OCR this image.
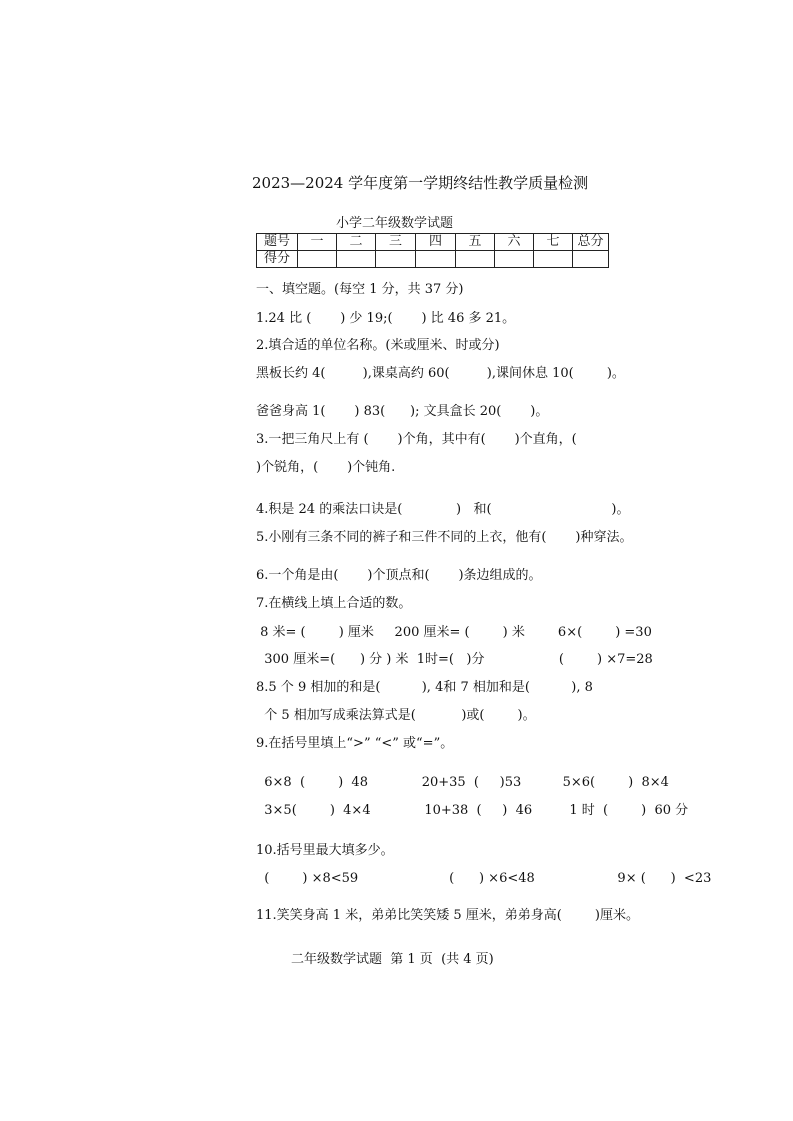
2023—2024 学年度第一学期终结性教学质量检测
小学二年级数学试题
题号	一	二	三	四	五	六	七	总分
得分								
一、填空题。(每空 1 分，共 37 分)
1.24 比 (       ) 少 19;(       ) 比 46 多 21。
2.填合适的单位名称。(米或厘米、时或分)
黑板长约 4(         ),课桌高约 60(         ),课间休息 10(        )。
爸爸身高 1(       ) 83(      ); 文具盒长 20(       )。
3.一把三角尺上有 (       )个角，其中有(       )个直角，(
)个锐角，(       )个钝角.
4.积是 24 的乘法口诀是(             )   和(                             )。
5.小刚有三条不同的裤子和三件不同的上衣，他有(       )种穿法。
6.一个角是由(       )个顶点和(       )条边组成的。
7.在横线上填上合适的数。
8 米= (        ) 厘米     200 厘米= (        ) 米        6×(        ) =30
300 厘米=(      ) 分 ) 米  1时=(   )分                  (        ) ×7=28
8.5 个 9 相加的和是(          ), 4和 7 相加和是(          ), 8
个 5 相加写成乘法算式是(           )或(        )。
9.在括号里填上“>” “<” 或“=”。
6×8  (        )  48             20+35  (     )53          5×6(        )  8×4
3×5(        )  4×4             10+38  (     )  46         1 时  (        )  60 分
10.括号里最大填多少。
(        ) ×8<59                      (      ) ×6<48                    9× (      )  <23
11.笑笑身高 1 米，弟弟比笑笑矮 5 厘米，弟弟身高(        )厘米。
二年级数学试题  第 1 页  (共 4 页)
